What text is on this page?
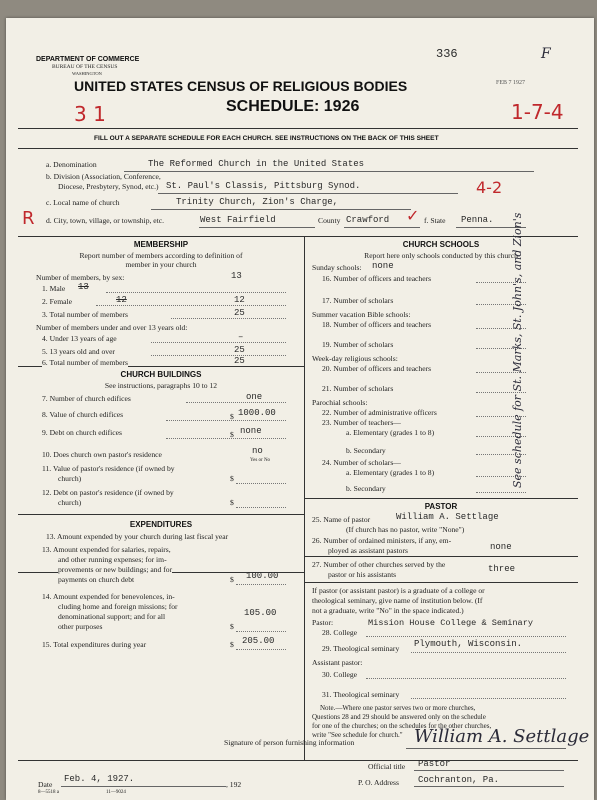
DEPARTMENT OF COMMERCE
BUREAU OF THE CENSUS
WASHINGTON
UNITED STATES CENSUS OF RELIGIOUS BODIES
SCHEDULE: 1926
FILL OUT A SEPARATE SCHEDULE FOR EACH CHURCH. SEE INSTRUCTIONS ON THE BACK OF THIS SHEET
336
FEB 7 1927
F
3 1	1-7-4
a. Denomination	The Reformed Church in the United States
b. Division (Association, Conference,
Diocese, Presbytery, Synod, etc.) St. Paul's Classis, Pittsburg Synod.	4-2
c. Local name of church	Trinity Church, Zion's Charge,
R d. City, town, village, or township, etc.	West Fairfield	County Crawford ✓ f. State Penna.
MEMBERSHIP
Report number of members according to definition of
member in your church
Number of members, by sex:	13
1. Male 13
2. Female	12	12
3. Total number of members	25
Number of members under and over 13 years old:
4. Under 13 years of age	–
5. 13 years old and over	25
6. Total number of members	25
CHURCH BUILDINGS
See instructions, paragraphs 10 to 12
7. Number of church edifices	one
8. Value of church edifices	$ 1000.00
9. Debt on church edifices	$ none
10. Does church own pastor's residence	no
Yes or No
11. Value of pastor's residence (if owned by
church)	$
12. Debt on pastor's residence (if owned by
church)	$
EXPENDITURES
13. Amount expended by your church during last fiscal year
13. Amount expended for salaries, repairs,
and other running expenses; for im-
provements or new buildings; and for
payments on church debt	$ 100.00
14. Amount expended for benevolences, in-
cluding home and foreign missions; for
denominational support; and for all
other purposes	$
105.00
15. Total expenditures during year	$ 205.00
CHURCH SCHOOLS
Report here only schools conducted by this church
Sunday schools: none
16. Number of officers and teachers
17. Number of scholars
Summer vacation Bible schools:
18. Number of officers and teachers
19. Number of scholars
Week-day religious schools:
20. Number of officers and teachers
21. Number of scholars
Parochial schools:
22. Number of administrative officers
23. Number of teachers—
a. Elementary (grades 1 to 8)
b. Secondary
24. Number of scholars—
a. Elementary (grades 1 to 8)
b. Secondary
PASTOR
25. Name of pastor	William A. Settlage
(If church has no pastor, write "None")
26. Number of ordained ministers, if any, em-
ployed as assistant pastors	none
27. Number of other churches served by the
pastor or his assistants
three
If pastor (or assistant pastor) is a graduate of a college or
theological seminary, give name of institution below. (If
not a graduate, write "No" in the space indicated.)
Pastor:
28. College
Mission House College & Seminary
29. Theological seminary Plymouth, Wisconsin.
Assistant pastor:
30. College
31. Theological seminary
Note.—Where one pastor serves two or more churches,
Questions 28 and 29 should be answered only on the schedule
for one of the churches; on the schedules for the other churches,
write "See schedule for church."
See schedule for St. Marks, St. John's, and Zion's
Signature of person furnishing information	William A. Settlage
Official title Pastor
Date
Feb. 4, 1927.
, 192	P. O. Address Cochranton, Pa.
8—5518 a	11—9024
